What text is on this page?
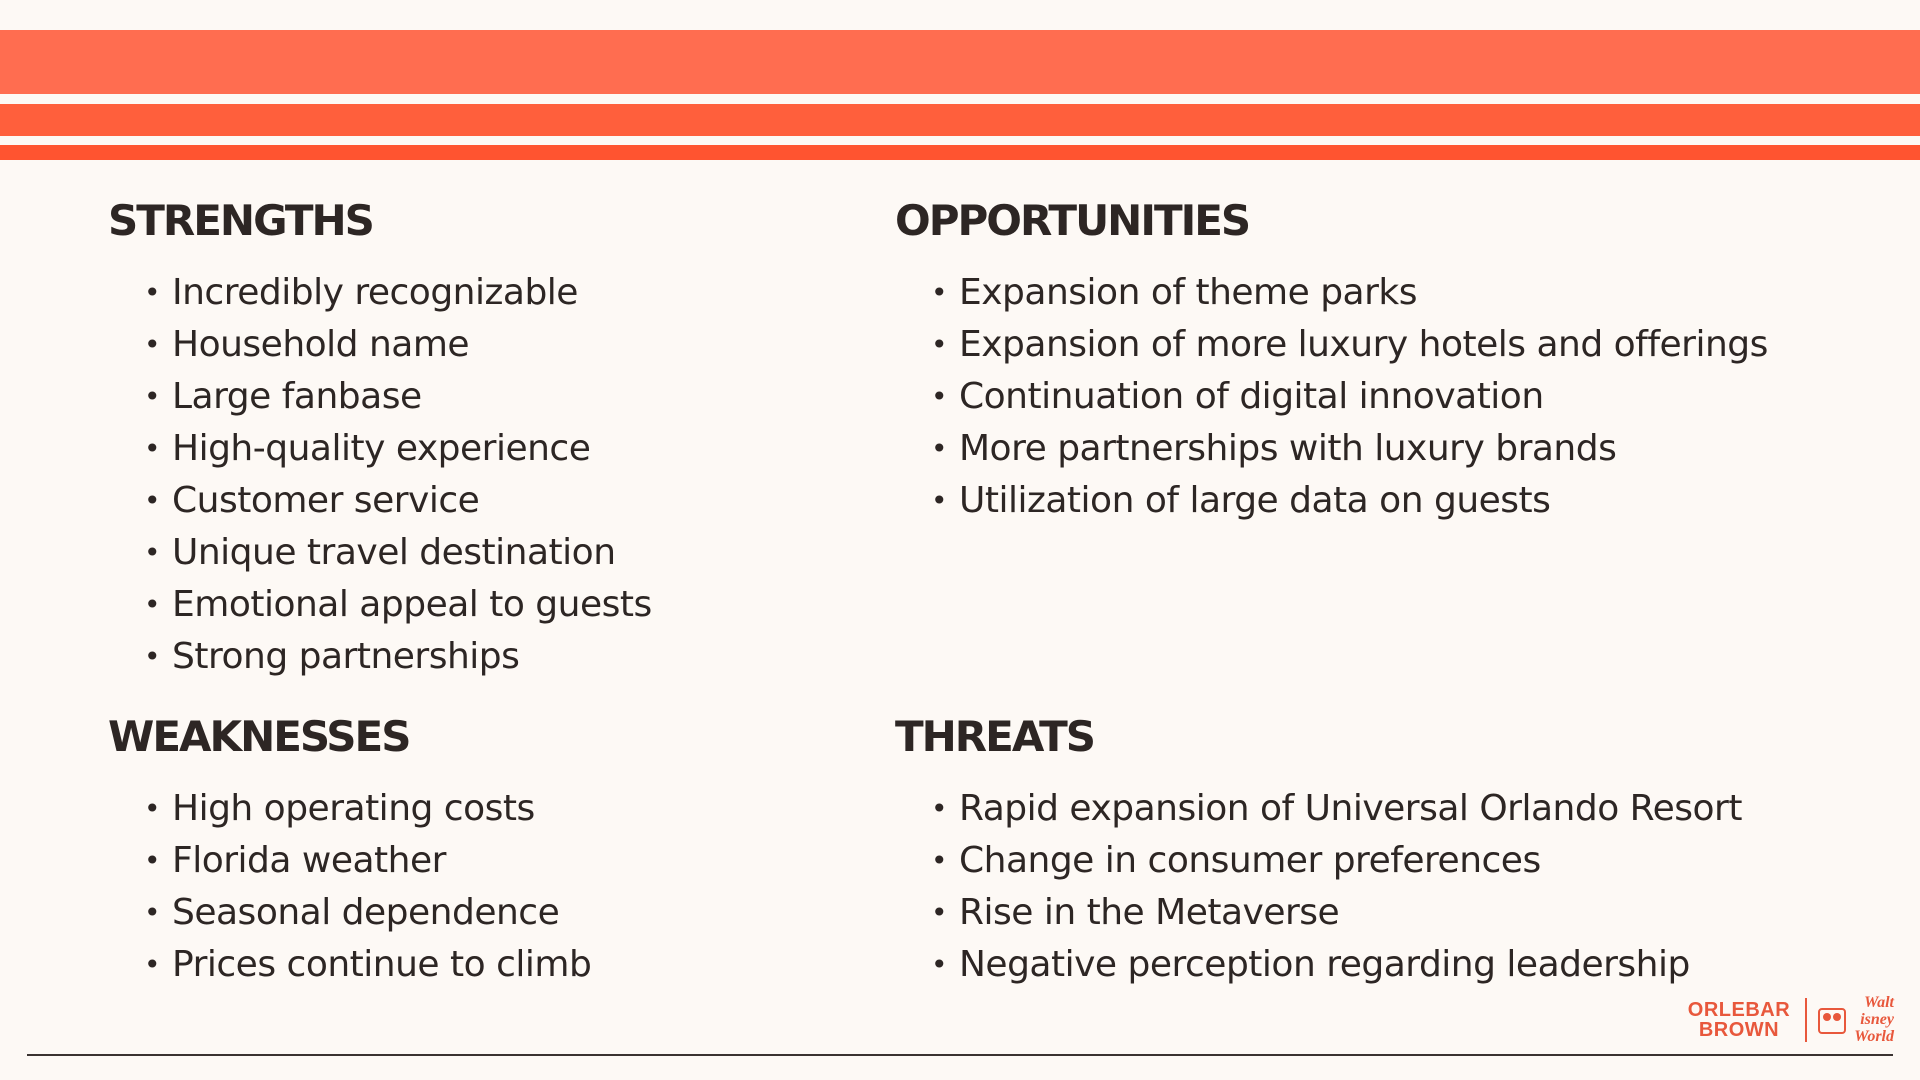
STRENGTHS
• Incredibly recognizable
• Household name
• Large fanbase
• High-quality experience
• Customer service
• Unique travel destination
• Emotional appeal to guests
• Strong partnerships
OPPORTUNITIES
• Expansion of theme parks
• Expansion of more luxury hotels and offerings
• Continuation of digital innovation
• More partnerships with luxury brands
• Utilization of large data on guests
WEAKNESSES
• High operating costs
• Florida weather
• Seasonal dependence
• Prices continue to climb
THREATS
• Rapid expansion of Universal Orlando Resort
• Change in consumer preferences
• Rise in the Metaverse
• Negative perception regarding leadership
ORLEBAR
BROWN
Walt
isney
World
